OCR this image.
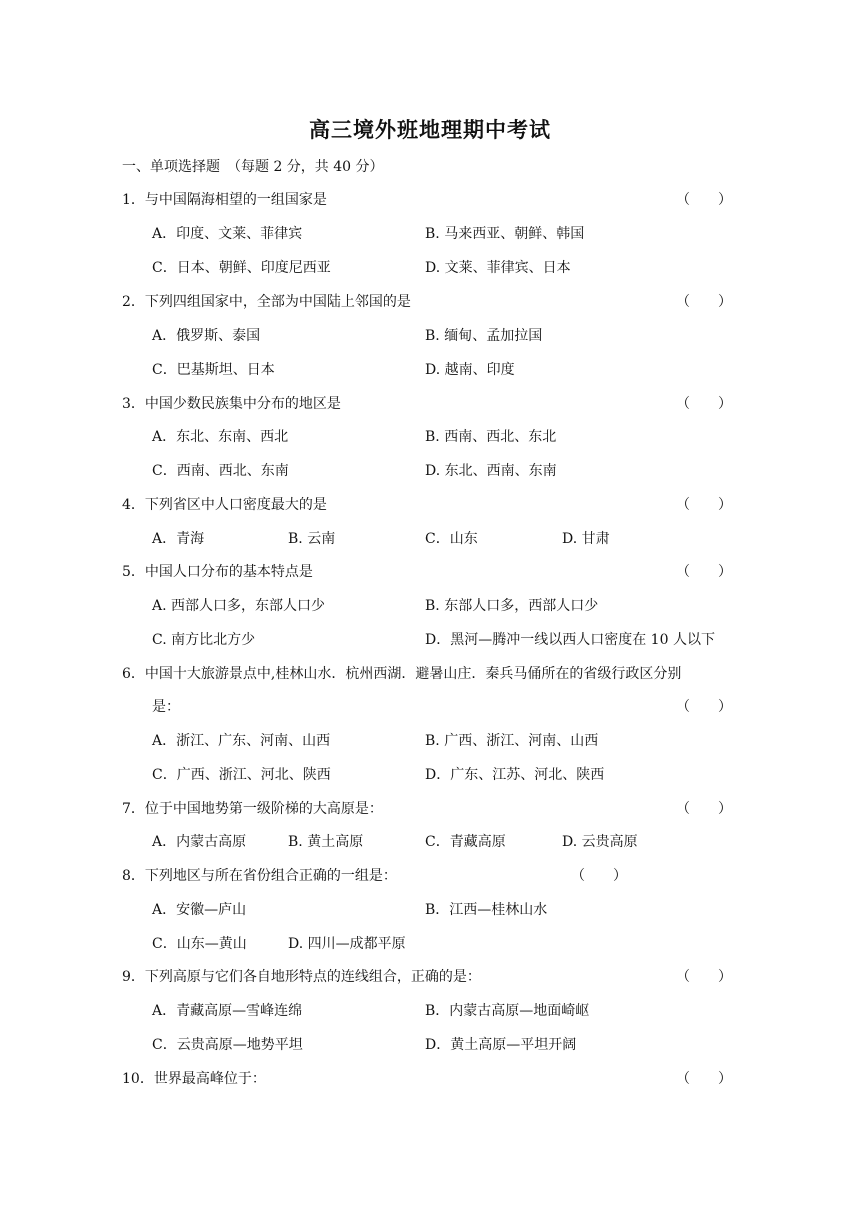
高三境外班地理期中考试
一、单项选择题　（每题 2 分，共 40 分）
1．与中国隔海相望的一组国家是	（　　）
A．印度、文莱、菲律宾	B. 马来西亚、朝鲜、韩国
C．日本、朝鲜、印度尼西亚	D. 文莱、菲律宾、日本
2．下列四组国家中，全部为中国陆上邻国的是	（　　）
A．俄罗斯、泰国	B. 缅甸、孟加拉国
C．巴基斯坦、日本	D. 越南、印度
3．中国少数民族集中分布的地区是	（　　）
A．东北、东南、西北	B. 西南、西北、东北
C．西南、西北、东南	D. 东北、西南、东南
4．下列省区中人口密度最大的是	（　　）
A．青海	B. 云南	C．山东	D. 甘肃
5．中国人口分布的基本特点是	（　　）
A. 西部人口多，东部人口少	B. 东部人口多，西部人口少
C. 南方比北方少	D．黑河—腾冲一线以西人口密度在 10 人以下
6．中国十大旅游景点中,桂林山水．杭州西湖．避暑山庄．秦兵马俑所在的省级行政区分别
是：	（　　）
A．浙江、广东、河南、山西	B. 广西、浙江、河南、山西
C．广西、浙江、河北、陕西	D．广东、江苏、河北、陕西
7．位于中国地势第一级阶梯的大高原是：	（　　）
A．内蒙古高原	B. 黄土高原	C．青藏高原	D. 云贵高原
8．下列地区与所在省份组合正确的一组是：	（　　）
A．安徽—庐山	B．江西—桂林山水
C．山东—黄山	D. 四川—成都平原
9．下列高原与它们各自地形特点的连线组合，正确的是：	（　　）
A．青藏高原—雪峰连绵	B．内蒙古高原—地面崎岖
C．云贵高原—地势平坦	D．黄土高原—平坦开阔
10．世界最高峰位于：	（　　）
